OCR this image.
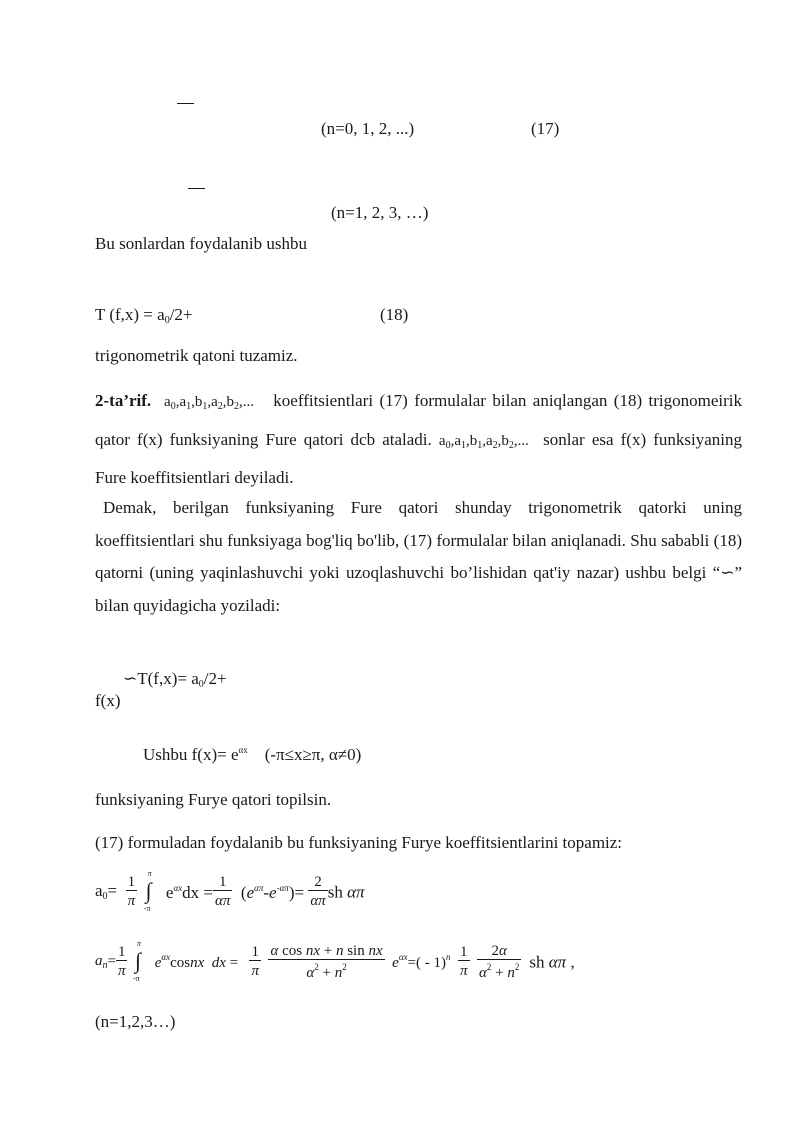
(n=0, 1, 2, ...)	(17)
(n=1, 2, 3, …)
Bu sonlardan foydalanib ushbu
T $(f,x) = a_0/2+$	(18)
trigonometrik qatoni tuzamiz.
2-ta’rif. $a_0,a_1,b_1,a_2,b_2$,... koeffitsientlari (17) formulalar bilan aniqlangan (18) trigonomeirik qator f(x) funksiyaning Fure qatori dcb ataladi. $a_0,a_1,b_1,a_2,b_2$,... sonlar esa f(x) funksiyaning Fure koeffitsientlari deyiladi.
Demak, berilgan funksiyaning Fure qatori shunday trigonometrik qatorki uning koeffitsientlari shu funksiyaga bog'liq bo'lib, (17) formulalar bilan aniqlanadi. Shu sababli (18) qatorni (uning yaqinlashuvchi yoki uzoqlashuvchi bo’lishidan qat'iy nazar) ushbu belgi “∽” bilan quyidagicha yoziladi:
∽T(f,x)= $a_0/2+$
f(x)
Ushbu $f(x)= e^{\alpha x}$ (-π≤x≥π, α≠0)
funksiyaning Furye qatori topilsin.
(17) formuladan foydalanib bu funksiyaning Furye koeffitsientlarini topamiz:
$a_0= \frac{1}{\pi}$
∫
π
-π
$e^{\alpha x}dx = \frac{1}{\alpha\pi} (e^{\alpha\pi}-e^{-\alpha\pi})= \frac{2}{\alpha\pi}$ sh απ
$a_n= \frac{1}{\pi}$
∫
π
-π
$e^{\alpha x}cosnx$ dx = $\frac{1}{\pi}$
$\frac{\text{α cos nx + n sin nx}}{\alpha^2 + n^2} e^{\alpha x}=( - 1)^n \frac{1}{\pi}$
$\frac{2\alpha}{\alpha^2 + n^2}$ sh απ ,
(n=1,2,3…)
